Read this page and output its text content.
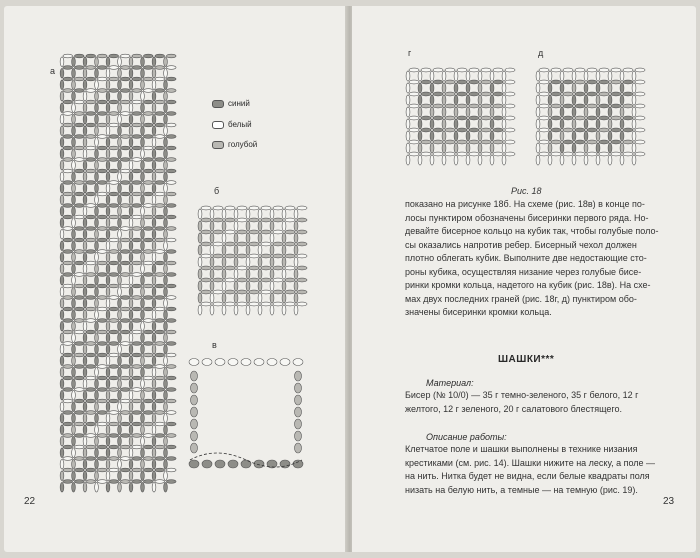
a
синий
белый
голубой
б
в
22
г	д
Рис. 18
показано на рисунке 18б. На схеме (рис. 18в) в конце по-
лосы пунктиром обозначены бисеринки первого ряда. Но-
девайте бисерное кольцо на кубик так, чтобы голубые поло-
сы оказались напротив ребер. Бисерный чехол должен
плотно облегать кубик. Выполните две недостающие сто-
роны кубика, осуществляя низание через голубые бисе-
ринки кромки кольца, надетого на кубик (рис. 18в). На схе-
мах двух последних граней (рис. 18г, д) пунктиром обо-
значены бисеринки кромки кольца.
ШАШКИ***
Материал:
Бисер (№ 10/0) — 35 г темно-зеленого, 35 г белого, 12 г
желтого, 12 г зеленого, 20 г салатового блестящего.
Описание работы:
Клетчатое поле и шашки выполнены в технике низания
крестиками (см. рис. 14). Шашки нижите на леску, а поле —
на нить. Нитка будет не видна, если белые квадраты поля
низать на белую нить, а темные — на темную (рис. 19).
23
